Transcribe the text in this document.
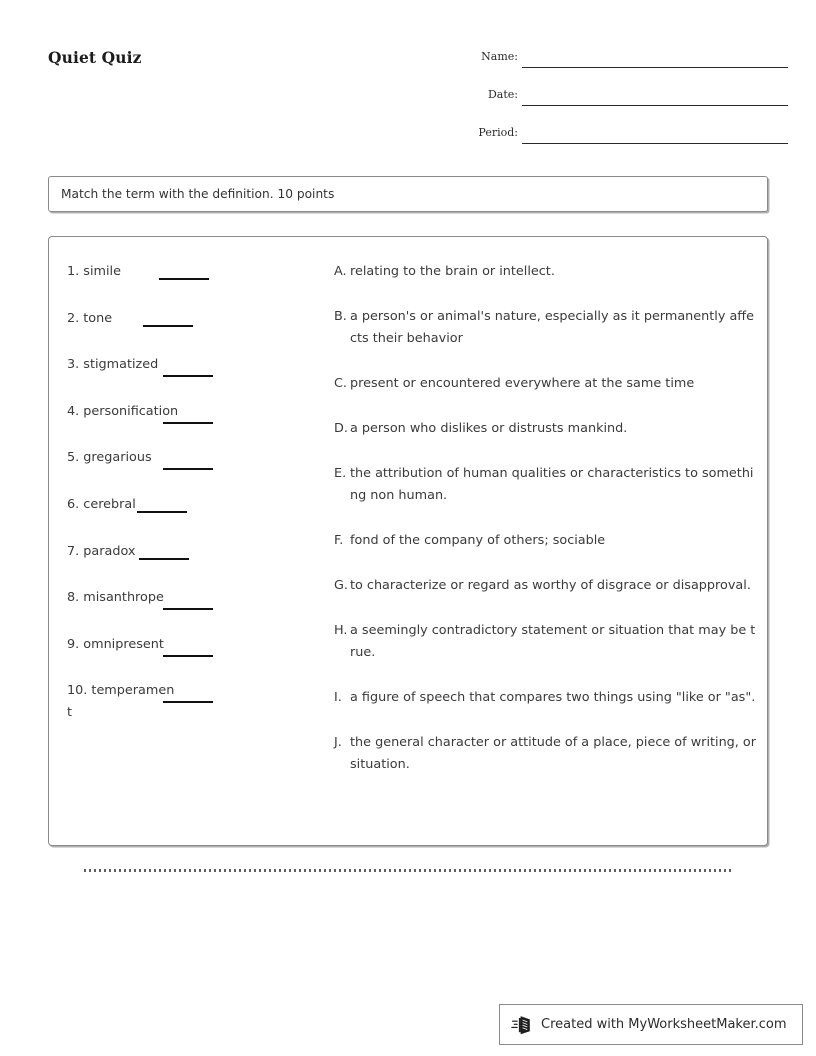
Quiet Quiz	Name:
Date:
Period:
Match the term with the definition. 10 points
1. simile
2. tone
3. stigmatized
4. personification
5. gregarious
6. cerebral
7. paradox
8. misanthrope
9. omnipresent
10. temperament
A. relating to the brain or intellect.
B. a person's or animal's nature, especially as it permanently affects their behavior
C. present or encountered everywhere at the same time
D. a person who dislikes or distrusts mankind.
E. the attribution of human qualities or characteristics to something non human.
F. fond of the company of others; sociable
G. to characterize or regard as worthy of disgrace or disapproval.
H. a seemingly contradictory statement or situation that may be true.
I. a figure of speech that compares two things using "like or "as".
J. the general character or attitude of a place, piece of writing, or situation.
Created with MyWorksheetMaker.com
